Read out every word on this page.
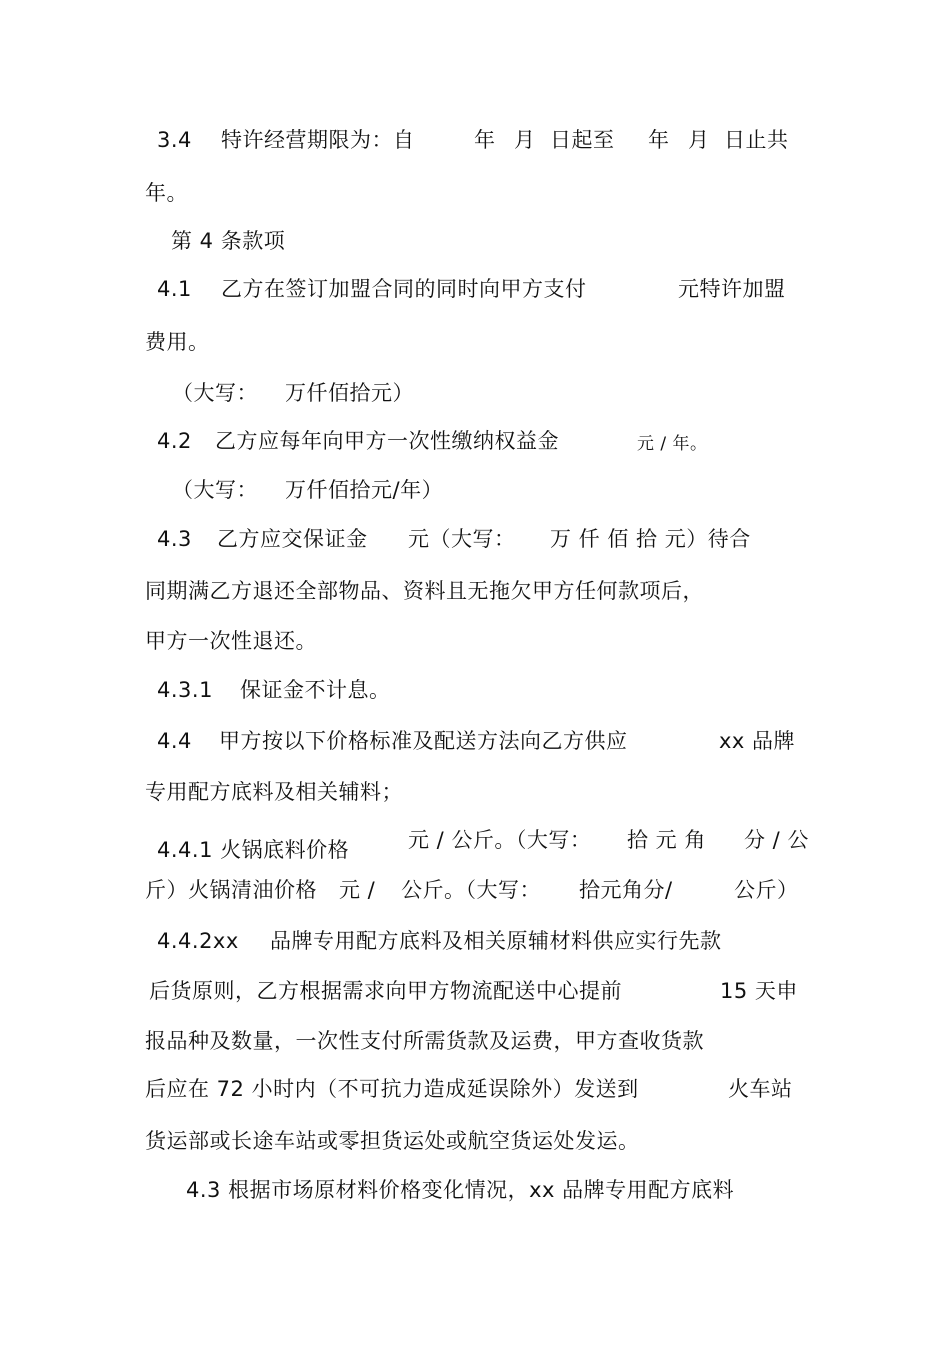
3.4 特许经营期限为：自	年 月 日起至 年 月 日止共
年。
第 4 条款项
4.1 乙方在签订加盟合同的同时向甲方支付	元特许加盟
费用。
（大写： 万仟佰拾元）
4.2 乙方应每年向甲方一次性缴纳权益金	元 / 年。
（大写： 万仟佰拾元/年）
4.3 乙方应交保证金 元（大写： 万 仟 佰 拾 元）待合
同期满乙方退还全部物品、资料且无拖欠甲方任何款项后，
甲方一次性退还。
4.3.1 保证金不计息。
4.4 甲方按以下价格标准及配送方法向乙方供应	xx 品牌
专用配方底料及相关辅料；
4.4.1 火锅底料价格	元 / 公斤。（大写： 拾 元 角 分 / 公
斤）火锅清油价格 元 / 公斤。（大写： 拾元角分/	公斤）
4.4.2xx 品牌专用配方底料及相关原辅材料供应实行先款
后货原则，乙方根据需求向甲方物流配送中心提前	15 天申
报品种及数量，一次性支付所需货款及运费，甲方查收货款
后应在 72 小时内（不可抗力造成延误除外）发送到	火车站
货运部或长途车站或零担货运处或航空货运处发运。
4.3 根据市场原材料价格变化情况，xx 品牌专用配方底料
